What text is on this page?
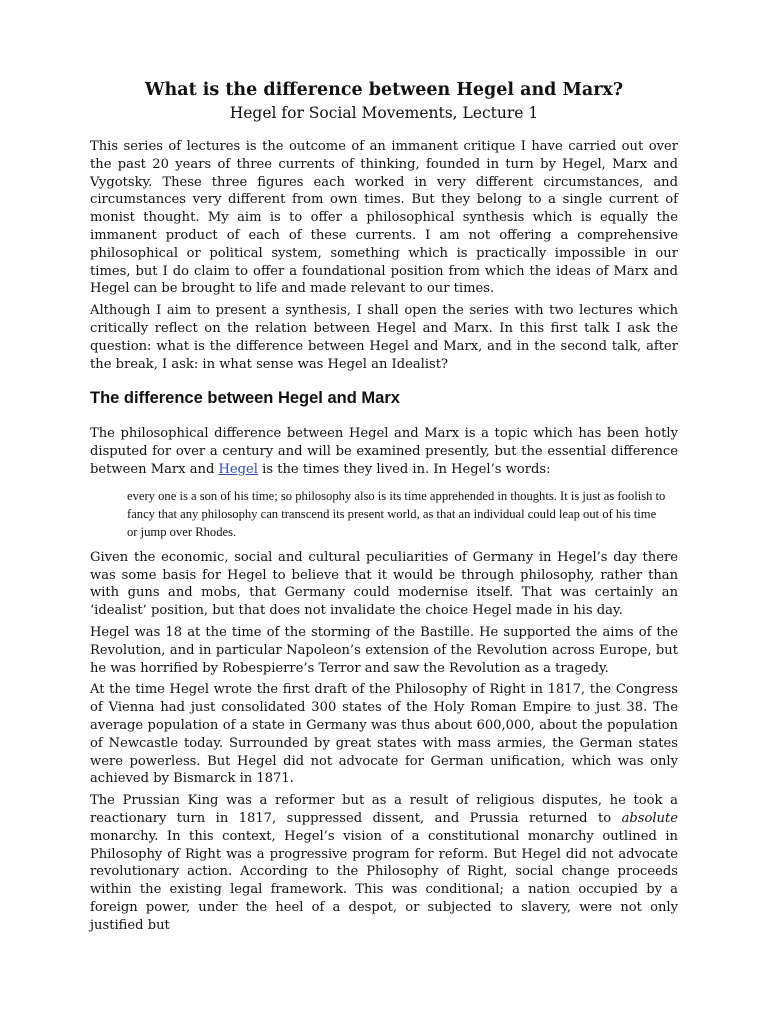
What is the difference between Hegel and Marx?
Hegel for Social Movements, Lecture 1

This series of lectures is the outcome of an immanent critique I have carried out over the past 20 years of three currents of thinking, founded in turn by Hegel, Marx and Vygotsky. These three figures each worked in very different circumstances, and circumstances very different from own times. But they belong to a single current of monist thought. My aim is to offer a philosophical synthesis which is equally the immanent product of each of these currents. I am not offering a comprehensive philosophical or political system, something which is practically impossible in our times, but I do claim to offer a foundational position from which the ideas of Marx and Hegel can be brought to life and made relevant to our times.

Although I aim to present a synthesis, I shall open the series with two lectures which critically reflect on the relation between Hegel and Marx. In this first talk I ask the question: what is the difference between Hegel and Marx, and in the second talk, after the break, I ask: in what sense was Hegel an Idealist?

The difference between Hegel and Marx

The philosophical difference between Hegel and Marx is a topic which has been hotly disputed for over a century and will be examined presently, but the essential difference between Marx and Hegel is the times they lived in. In Hegel’s words:

every one is a son of his time; so philosophy also is its time apprehended in thoughts. It is just as foolish to fancy that any philosophy can transcend its present world, as that an individual could leap out of his time or jump over Rhodes.

Given the economic, social and cultural peculiarities of Germany in Hegel’s day there was some basis for Hegel to believe that it would be through philosophy, rather than with guns and mobs, that Germany could modernise itself. That was certainly an ‘idealist’ position, but that does not invalidate the choice Hegel made in his day.

Hegel was 18 at the time of the storming of the Bastille. He supported the aims of the Revolution, and in particular Napoleon’s extension of the Revolution across Europe, but he was horrified by Robespierre’s Terror and saw the Revolution as a tragedy.

At the time Hegel wrote the first draft of the Philosophy of Right in 1817, the Congress of Vienna had just consolidated 300 states of the Holy Roman Empire to just 38. The average population of a state in Germany was thus about 600,000, about the population of Newcastle today. Surrounded by great states with mass armies, the German states were powerless. But Hegel did not advocate for German unification, which was only achieved by Bismarck in 1871.

The Prussian King was a reformer but as a result of religious disputes, he took a reactionary turn in 1817, suppressed dissent, and Prussia returned to absolute monarchy. In this context, Hegel’s vision of a constitutional monarchy outlined in Philosophy of Right was a progressive program for reform. But Hegel did not advocate revolutionary action. According to the Philosophy of Right, social change proceeds within the existing legal framework. This was conditional; a nation occupied by a foreign power, under the heel of a despot, or subjected to slavery, were not only justified but
